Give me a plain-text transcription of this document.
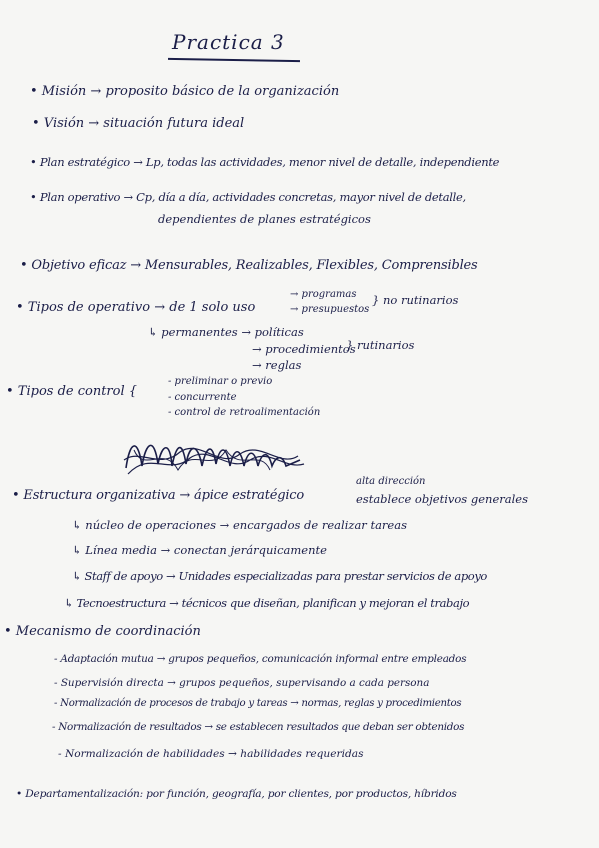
Practica 3
• Misión → proposito básico de la organización
• Visión → situación futura ideal
• Plan estratégico → Lp, todas las actividades, menor nivel de detalle, independiente
• Plan operativo → Cp, día a día, actividades concretas, mayor nivel de detalle,
dependientes de planes estratégicos
• Objetivo eficaz → Mensurables, Realizables, Flexibles, Comprensibles
• Tipos de operativo → de 1 solo uso
→ programas
→ presupuestos
} no rutinarios
↳ permanentes → políticas
→ procedimientos
→ reglas
} rutinarios
• Tipos de control {
- preliminar o previo
- concurrente
- control de retroalimentación
• Estructura organizativa → ápice estratégico
alta dirección
establece objetivos generales
↳ núcleo de operaciones → encargados de realizar tareas
↳ Línea media → conectan jerárquicamente
↳ Staff de apoyo → Unidades especializadas para prestar servicios de apoyo
↳ Tecnoestructura → técnicos que diseñan, planifican y mejoran el trabajo
• Mecanismo de coordinación
- Adaptación mutua → grupos pequeños, comunicación informal entre empleados
- Supervisión directa → grupos pequeños, supervisando a cada persona
- Normalización de procesos de trabajo y tareas → normas, reglas y procedimientos
- Normalización de resultados → se establecen resultados que deban ser obtenidos
- Normalización de habilidades → habilidades requeridas
• Departamentalización: por función, geografía, por clientes, por productos, híbridos
